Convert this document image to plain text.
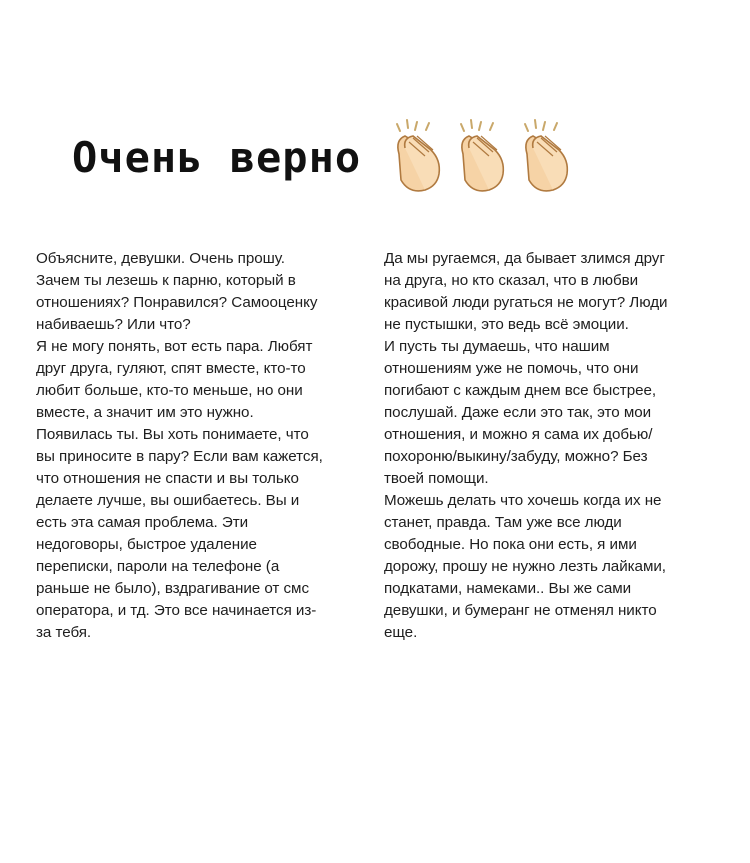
Очень верно
Объясните, девушки. Очень прошу.
Зачем ты лезешь к парню, который в
отношениях? Понравился? Самооценку
набиваешь? Или что?
Я не могу понять, вот есть пара. Любят
друг друга, гуляют, спят вместе, кто-то
любит больше, кто-то меньше, но они
вместе, а значит им это нужно.
Появилась ты. Вы хоть понимаете, что
вы приносите в пару? Если вам кажется,
что отношения не спасти и вы только
делаете лучше, вы ошибаетесь. Вы и
есть эта самая проблема. Эти
недоговоры, быстрое удаление
переписки, пароли на телефоне (а
раньше не было), вздрагивание от смс
оператора, и тд. Это все начинается из-
за тебя.
Да мы ругаемся, да бывает злимся друг
на друга, но кто сказал, что в любви
красивой люди ругаться не могут? Люди
не пустышки, это ведь всё эмоции.
И пусть ты думаешь, что нашим
отношениям уже не помочь, что они
погибают с каждым днем все быстрее,
послушай. Даже если это так, это мои
отношения, и можно я сама их добью/
похороню/выкину/забуду, можно? Без
твоей помощи.
Можешь делать что хочешь когда их не
станет, правда. Там уже все люди
свободные. Но пока они есть, я ими
дорожу, прошу не нужно лезть лайками,
подкатами, намеками.. Вы же сами
девушки, и бумеранг не отменял никто
еще.
